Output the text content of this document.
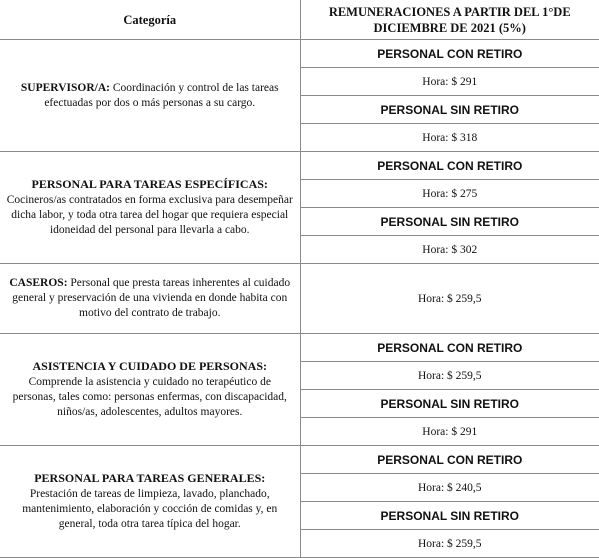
Categoría	REMUNERACIONES A PARTIR DEL 1°DE DICIEMBRE DE 2021 (5%)
SUPERVISOR/A: Coordinación y control de las tareas efectuadas por dos o más personas a su cargo.	PERSONAL CON RETIRO
	Hora: $ 291
	PERSONAL SIN RETIRO
	Hora: $ 318
PERSONAL PARA TAREAS ESPECÍFICAS:
Cocineros/as contratados en forma exclusiva para desempeñar dicha labor, y toda otra tarea del hogar que requiera especial idoneidad del personal para llevarla a cabo.	PERSONAL CON RETIRO
	Hora: $ 275
	PERSONAL SIN RETIRO
	Hora: $ 302
CASEROS: Personal que presta tareas inherentes al cuidado general y preservación de una vivienda en donde habita con motivo del contrato de trabajo.	Hora: $ 259,5
ASISTENCIA Y CUIDADO DE PERSONAS:
Comprende la asistencia y cuidado no terapéutico de personas, tales como: personas enfermas, con discapacidad, niños/as, adolescentes, adultos mayores.	PERSONAL CON RETIRO
	Hora: $ 259,5
	PERSONAL SIN RETIRO
	Hora: $ 291
PERSONAL PARA TAREAS GENERALES:
Prestación de tareas de limpieza, lavado, planchado, mantenimiento, elaboración y cocción de comidas y, en general, toda otra tarea típica del hogar.	PERSONAL CON RETIRO
	Hora: $ 240,5
	PERSONAL SIN RETIRO
	Hora: $ 259,5
